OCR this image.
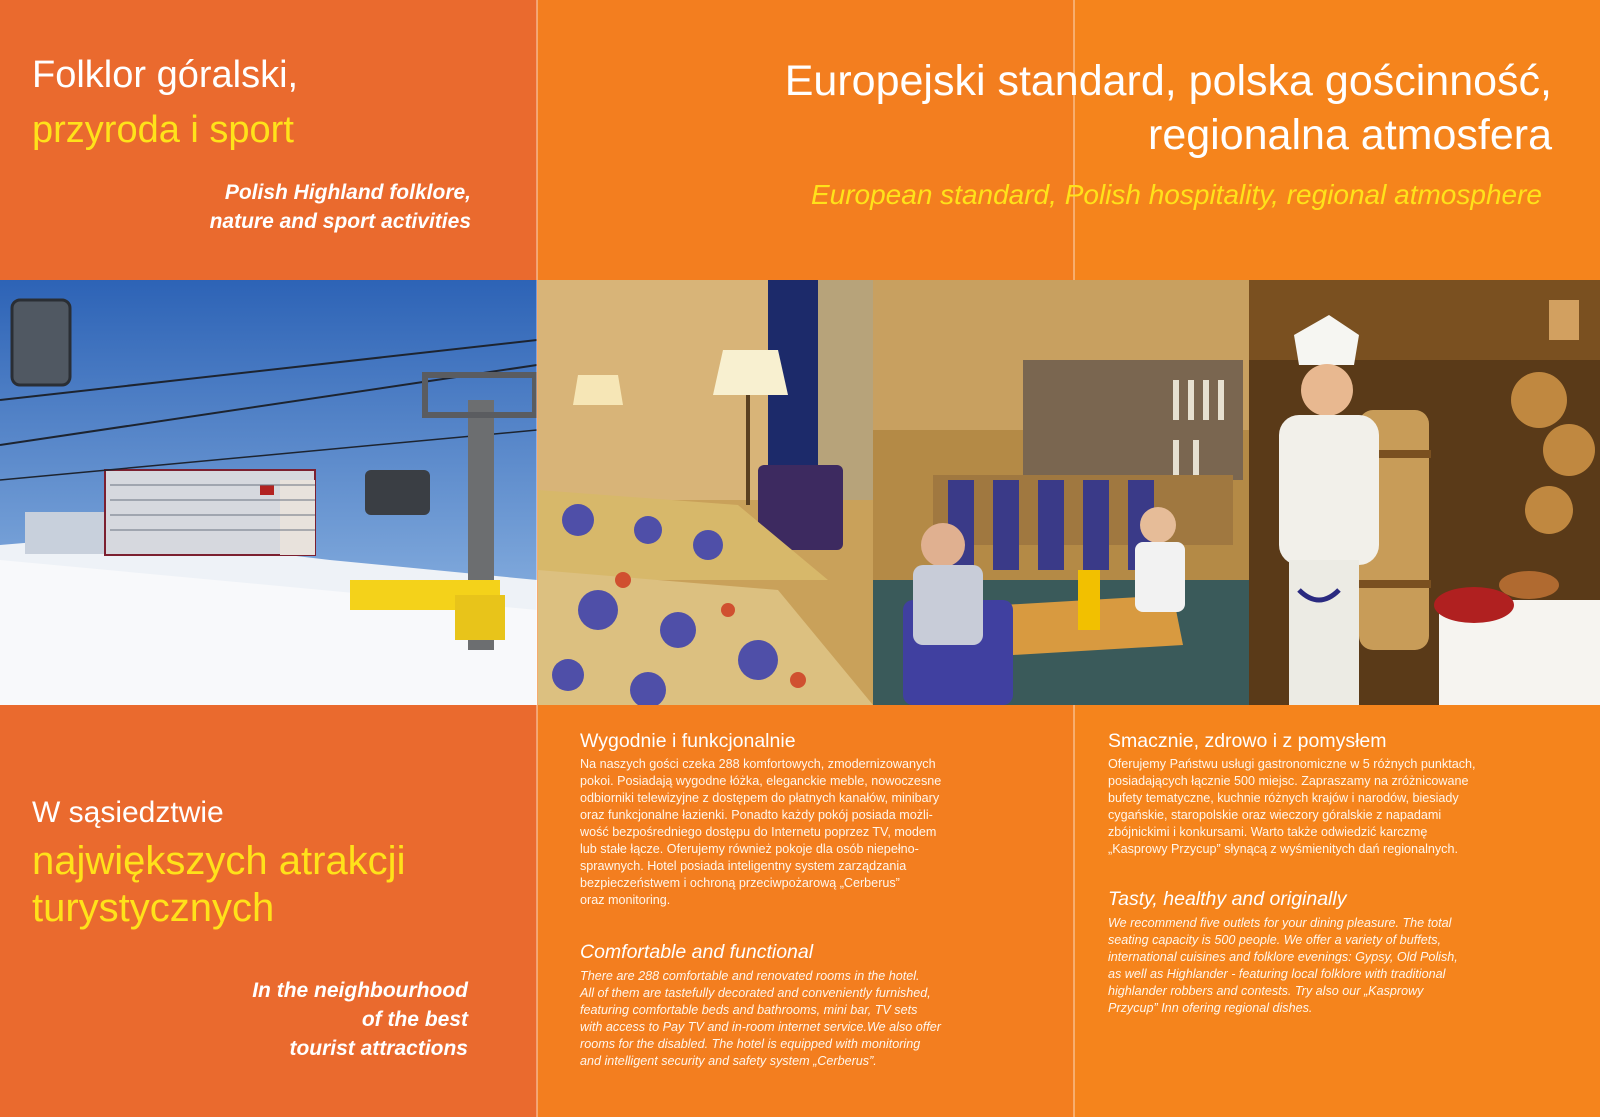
Folklor góralski,
przyroda i sport
Polish Highland folklore,
nature and sport activities
W sąsiedztwie
największych atrakcji
turystycznych
In the neighbourhood
of the best
tourist attractions
Europejski standard, polska gościnność,
regionalna atmosfera
European standard, Polish hospitality, regional atmosphere
Wygodnie i funkcjonalnie
Na naszych gości czeka 288 komfortowych, zmodernizowanych
pokoi. Posiadają wygodne łóżka, eleganckie meble, nowoczesne
odbiorniki telewizyjne z dostępem do płatnych kanałów, minibary
oraz funkcjonalne łazienki. Ponadto każdy pokój posiada możli-
wość bezpośredniego dostępu do Internetu poprzez TV, modem
lub stałe łącze. Oferujemy również pokoje dla osób niepełno-
sprawnych. Hotel posiada inteligentny system zarządzania
bezpieczeństwem i ochroną przeciwpożarową „Cerberus”
oraz monitoring.
Comfortable and functional
There are 288 comfortable and renovated rooms in the hotel.
All of them are tastefully decorated and conveniently furnished,
featuring comfortable beds and bathrooms, mini bar, TV sets
with access to Pay TV and in-room internet service.We also offer
rooms for the disabled. The hotel is equipped with monitoring
and intelligent security and safety system „Cerberus”.
Smacznie, zdrowo i z pomysłem
Oferujemy Państwu usługi gastronomiczne w 5 różnych punktach,
posiadających łącznie 500 miejsc. Zapraszamy na zróżnicowane
bufety tematyczne, kuchnie różnych krajów i narodów, biesiady
cygańskie, staropolskie oraz wieczory góralskie z napadami
zbójnickimi i konkursami. Warto także odwiedzić karczmę
„Kasprowy Przycup” słynącą z wyśmienitych dań regionalnych.
Tasty, healthy and originally
We recommend five outlets for your dining pleasure. The total
seating capacity is 500 people. We offer a variety of buffets,
international cuisines and folklore evenings: Gypsy, Old Polish,
as well as Highlander - featuring local folklore with traditional
highlander robbers and contests. Try also our „Kasprowy
Przycup” Inn ofering regional dishes.
